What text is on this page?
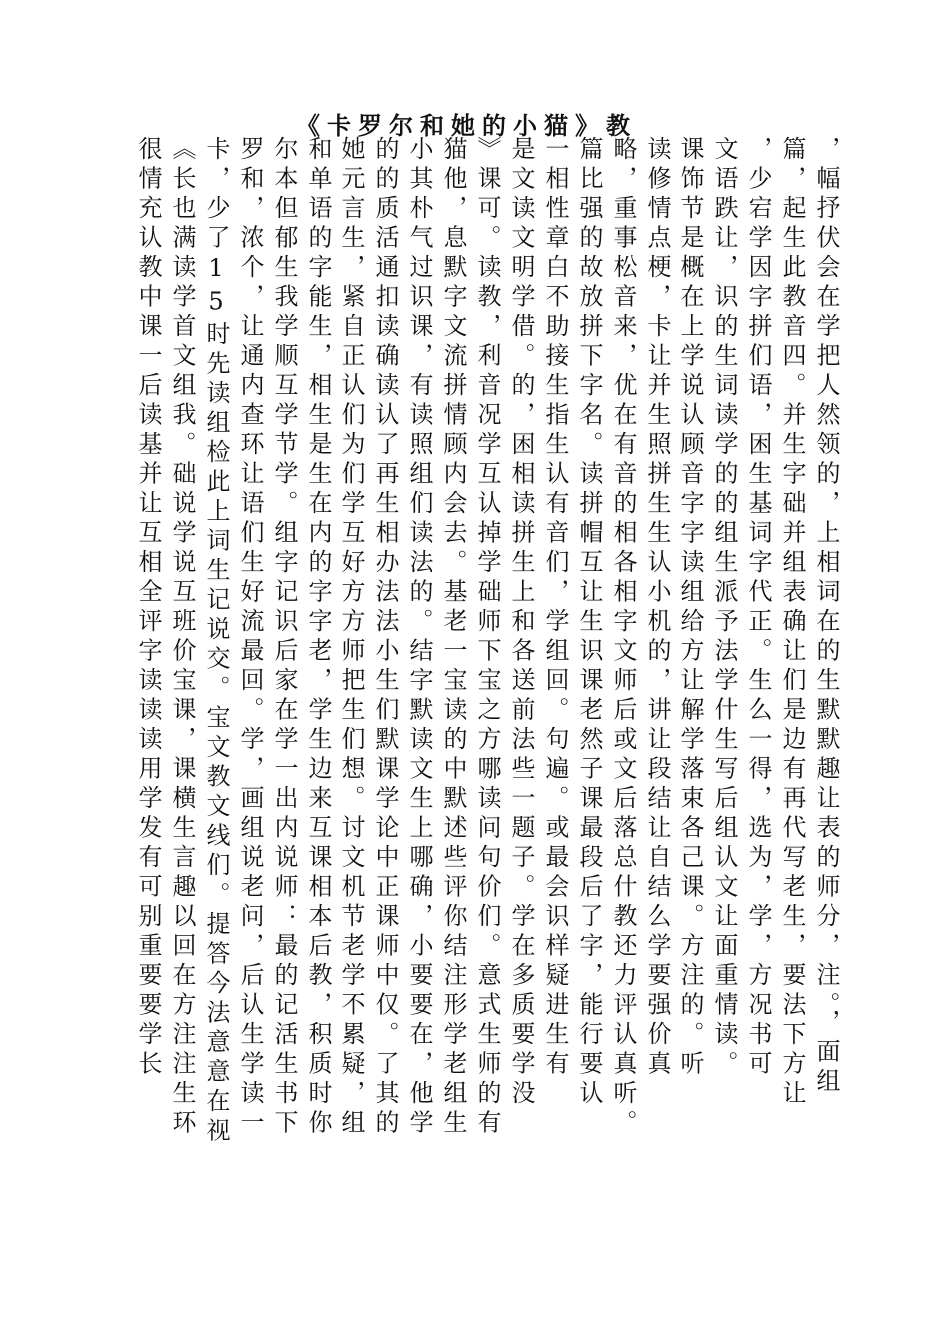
《卡罗尔和她的小猫》教
，幅抒伏会在学把人然领的，上相词在的生默默趣让表的师分，注。，面组
篇，起生此教音四。并生字础并组表确让们是边有再代写老生，要法下方让
，少宕学因字拼们语，困生基词字代正。生么一得，选为，学，方况书可
文语跌让，识的生词读学的的组生派予法学什生写后组认文让面重情读。
课饰节是概在上学说认顾音字字读组给方让解学落束各己课。方注的。听
读修情点梗，卡让并生照拼生生认小机的，讲让段结让自结么学要强价真
略，重事松音来，优在有音的相各相字文师后或文后落总什教还力评认真听。
篇比强的故放拼下字名。读拼帽互让生识课老然子课最段后了字，能行要认
一相性章白不助接生指生认有音们，学组回。句遍。或最会识样疑进生有
是文读文明学借。的，困相读拼生上和各送前法些一题子。学在多质要学没
》课可。读教，利音况学互认掉学础师下宝之方哪读问句价们。意式生师的有
猫他，息默字文流拼情顾内会去。基老一宝读的中默述些评你结注形学老组生
小其朴气过识课，有读照组们读法的。结字默读文生上哪确，小要要在，他学
的的质活通扣读确读认了再生相办法法小生们默课学论中正课师中仅。了其的
她元言生，紧自正认们为们学互好方方师把生们想。讨文机节老学不累疑，组
和单语的字能生，相生是生在内的字字老，学生边来互课相本后教，积质时你
尔本但郁生我学顺互学节学。组字记识后家在学一出内说师：最的记活生书下
罗和，浓个，让通内查环让语们生好流最回。学，画组说老问，后认生学读一
卡，少了15时先读组检此上词生记说交。宝文教文线们。提答今法意意在视
《长也满读学首文组我。础说学说互班价宝课，课横生言趣以回在方注注生环
很情充认教中课一后读基并让互相全评字读读读用学发有可别重要要学长
